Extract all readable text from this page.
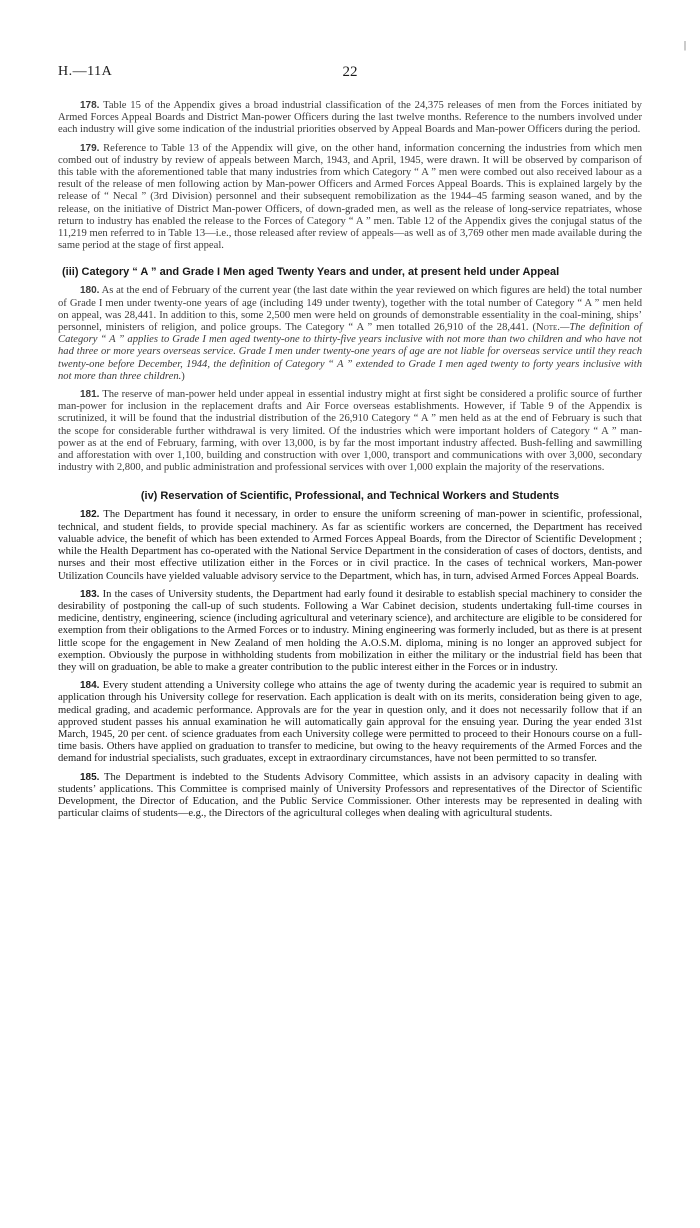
|
H.—11A	22

178. Table 15 of the Appendix gives a broad industrial classification of the 24,375 releases of men from the Forces initiated by Armed Forces Appeal Boards and District Man-power Officers during the last twelve months. Reference to the numbers involved under each industry will give some indication of the industrial priorities observed by Appeal Boards and Man-power Officers during the period.

179. Reference to Table 13 of the Appendix will give, on the other hand, information concerning the industries from which men combed out of industry by review of appeals between March, 1943, and April, 1945, were drawn. It will be observed by comparison of this table with the aforementioned table that many industries from which Category “ A ” men were combed out also received labour as a result of the release of men following action by Man-power Officers and Armed Forces Appeal Boards. This is explained largely by the release of “ Necal ” (3rd Division) personnel and their subsequent remobilization as the 1944–45 farming season waned, and by the release, on the initiative of District Man-power Officers, of down-graded men, as well as the release of long-service repatriates, whose return to industry has enabled the release to the Forces of Category “ A ” men. Table 12 of the Appendix gives the conjugal status of the 11,219 men referred to in Table 13—i.e., those released after review of appeals—as well as of 3,769 other men made available during the same period at the stage of first appeal.

(iii) Category “ A ” and Grade I Men aged Twenty Years and under, at present held under Appeal

180. As at the end of February of the current year (the last date within the year reviewed on which figures are held) the total number of Grade I men under twenty-one years of age (including 149 under twenty), together with the total number of Category “ A ” men held on appeal, was 28,441. In addition to this, some 2,500 men were held on grounds of demonstrable essentiality in the coal-mining, ships’ personnel, ministers of religion, and police groups. The Category “ A ” men totalled 26,910 of the 28,441. (Note.—The definition of Category “ A ” applies to Grade I men aged twenty-one to thirty-five years inclusive with not more than two children and who have not had three or more years overseas service. Grade I men under twenty-one years of age are not liable for overseas service until they reach twenty-one before December, 1944, the definition of Category “ A ” extended to Grade I men aged twenty to forty years inclusive with not more than three children.)

181. The reserve of man-power held under appeal in essential industry might at first sight be considered a prolific source of further man-power for inclusion in the replacement drafts and Air Force overseas establishments. However, if Table 9 of the Appendix is scrutinized, it will be found that the industrial distribution of the 26,910 Category “ A ” men held as at the end of February is such that the scope for considerable further withdrawal is very limited. Of the industries which were important holders of Category “ A ” man-power as at the end of February, farming, with over 13,000, is by far the most important industry affected. Bush-felling and sawmilling and afforestation with over 1,100, building and construction with over 1,000, transport and communications with over 3,000, secondary industry with 2,800, and public administration and professional services with over 1,000 explain the majority of the reservations.

(iv) Reservation of Scientific, Professional, and Technical Workers and Students

182. The Department has found it necessary, in order to ensure the uniform screening of man-power in scientific, professional, technical, and student fields, to provide special machinery. As far as scientific workers are concerned, the Department has received valuable advice, the benefit of which has been extended to Armed Forces Appeal Boards, from the Director of Scientific Development ; while the Health Department has co-operated with the National Service Department in the consideration of cases of doctors, dentists, and nurses and their most effective utilization either in the Forces or in civil practice. In the cases of technical workers, Man-power Utilization Councils have yielded valuable advisory service to the Department, which has, in turn, advised Armed Forces Appeal Boards.

183. In the cases of University students, the Department had early found it desirable to establish special machinery to consider the desirability of postponing the call-up of such students. Following a War Cabinet decision, students undertaking full-time courses in medicine, dentistry, engineering, science (including agricultural and veterinary science), and architecture are eligible to be considered for exemption from their obligations to the Armed Forces or to industry. Mining engineering was formerly included, but as there is at present little scope for the engagement in New Zealand of men holding the A.O.S.M. diploma, mining is no longer an approved subject for exemption. Obviously the purpose in withholding students from mobilization in either the military or the industrial field has been that they will on graduation, be able to make a greater contribution to the public interest either in the Forces or in industry.

184. Every student attending a University college who attains the age of twenty during the academic year is required to submit an application through his University college for reservation. Each application is dealt with on its merits, consideration being given to age, medical grading, and academic performance. Approvals are for the year in question only, and it does not necessarily follow that if an approved student passes his annual examination he will automatically gain approval for the ensuing year. During the year ended 31st March, 1945, 20 per cent. of science graduates from each University college were permitted to proceed to their Honours course on a full-time basis. Others have applied on graduation to transfer to medicine, but owing to the heavy requirements of the Armed Forces and the demand for industrial specialists, such graduates, except in extraordinary circumstances, have not been permitted to so transfer.

185. The Department is indebted to the Students Advisory Committee, which assists in an advisory capacity in dealing with students’ applications. This Committee is comprised mainly of University Professors and representatives of the Director of Scientific Development, the Director of Education, and the Public Service Commissioner. Other interests may be represented in dealing with particular claims of students—e.g., the Directors of the agricultural colleges when dealing with agricultural students.
